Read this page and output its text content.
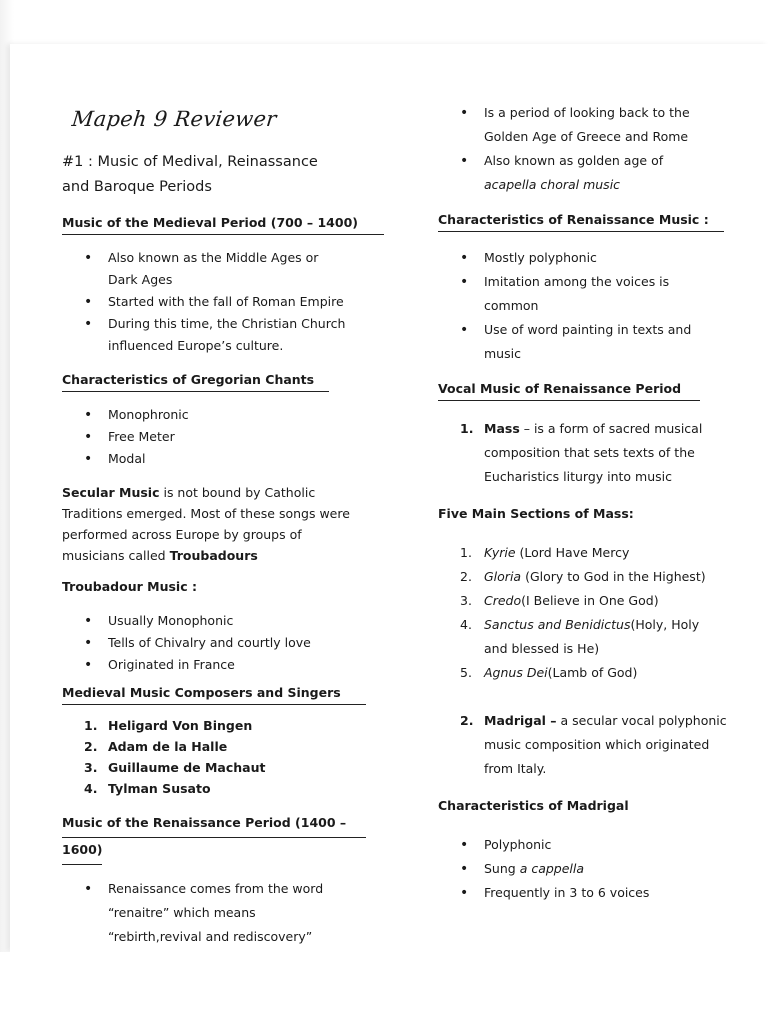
Mapeh 9 Reviewer
#1 : Music of Medival, Reinassance
and Baroque Periods
Music of the Medieval Period (700 – 1400)
• Also known as the Middle Ages or Dark Ages
• Started with the fall of Roman Empire
• During this time, the Christian Church influenced Europe’s culture.
Characteristics of Gregorian Chants
• Monophronic
• Free Meter
• Modal

Secular Music is not bound by Catholic Traditions emerged. Most of these songs were performed across Europe by groups of musicians called Troubadours

Troubadour Music :
• Usually Monophonic
• Tells of Chivalry and courtly love
• Originated in France
Medieval Music Composers and Singers
1. Heligard Von Bingen
2. Adam de la Halle
3. Guillaume de Machaut
4. Tylman Susato
Music of the Renaissance Period (1400 –
1600)
• Renaissance comes from the word
“renaitre” which means
“rebirth,revival and rediscovery”
• Is a period of looking back to the Golden Age of Greece and Rome
• Also known as golden age of acapella choral music
Characteristics of Renaissance Music :
• Mostly polyphonic
• Imitation among the voices is common
• Use of word painting in texts and music
Vocal Music of Renaissance Period
1. Mass – is a form of sacred musical composition that sets texts of the Eucharistics liturgy into music
Five Main Sections of Mass:
1. Kyrie (Lord Have Mercy
2. Gloria (Glory to God in the Highest)
3. Credo(I Believe in One God)
4. Sanctus and Benidictus(Holy, Holy and blessed is He)
5. Agnus Dei(Lamb of God)
2. Madrigal – a secular vocal polyphonic music composition which originated from Italy.
Characteristics of Madrigal
• Polyphonic
• Sung a cappella
• Frequently in 3 to 6 voices
